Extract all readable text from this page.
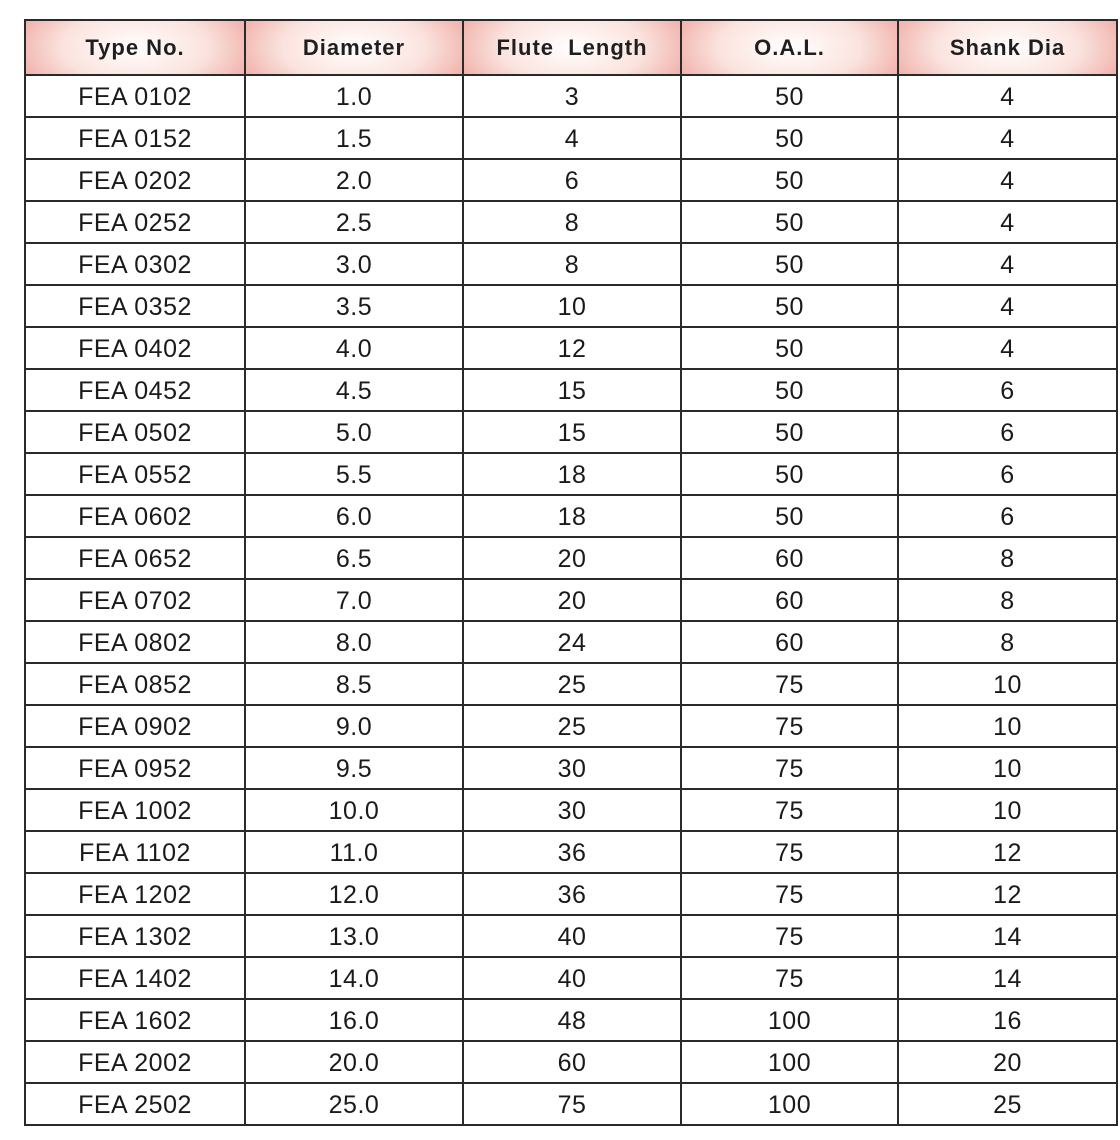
Type No.	Diameter	Flute  Length	O.A.L.	Shank Dia
FEA 0102	1.0	3	50	4
FEA 0152	1.5	4	50	4
FEA 0202	2.0	6	50	4
FEA 0252	2.5	8	50	4
FEA 0302	3.0	8	50	4
FEA 0352	3.5	10	50	4
FEA 0402	4.0	12	50	4
FEA 0452	4.5	15	50	6
FEA 0502	5.0	15	50	6
FEA 0552	5.5	18	50	6
FEA 0602	6.0	18	50	6
FEA 0652	6.5	20	60	8
FEA 0702	7.0	20	60	8
FEA 0802	8.0	24	60	8
FEA 0852	8.5	25	75	10
FEA 0902	9.0	25	75	10
FEA 0952	9.5	30	75	10
FEA 1002	10.0	30	75	10
FEA 1102	11.0	36	75	12
FEA 1202	12.0	36	75	12
FEA 1302	13.0	40	75	14
FEA 1402	14.0	40	75	14
FEA 1602	16.0	48	100	16
FEA 2002	20.0	60	100	20
FEA 2502	25.0	75	100	25
